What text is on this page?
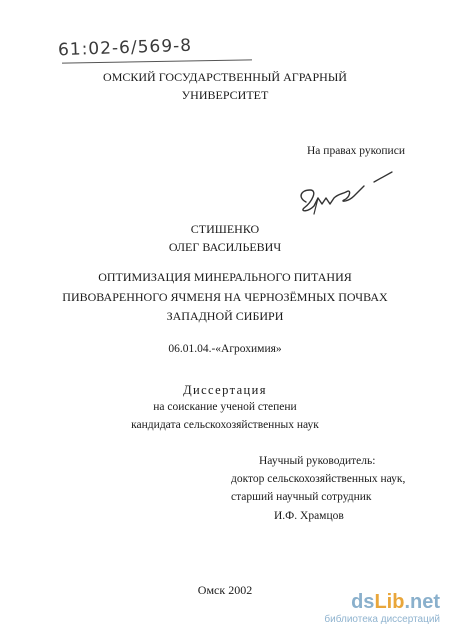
61:02-6/569-8
ОМСКИЙ ГОСУДАРСТВЕННЫЙ АГРАРНЫЙ
УНИВЕРСИТЕТ
На правах рукописи
СТИШЕНКО
ОЛЕГ ВАСИЛЬЕВИЧ
ОПТИМИЗАЦИЯ МИНЕРАЛЬНОГО ПИТАНИЯ
ПИВОВАРЕННОГО ЯЧМЕНЯ НА ЧЕРНОЗЁМНЫХ ПОЧВАХ
ЗАПАДНОЙ СИБИРИ
06.01.04.-«Агрохимия»
Диссертация
на соискание ученой степени
кандидата сельскохозяйственных наук
Научный руководитель:
доктор сельскохозяйственных наук,
старший научный сотрудник
И.Ф. Храмцов
Омск 2002
ds Lib .net
библиотека диссертаций
